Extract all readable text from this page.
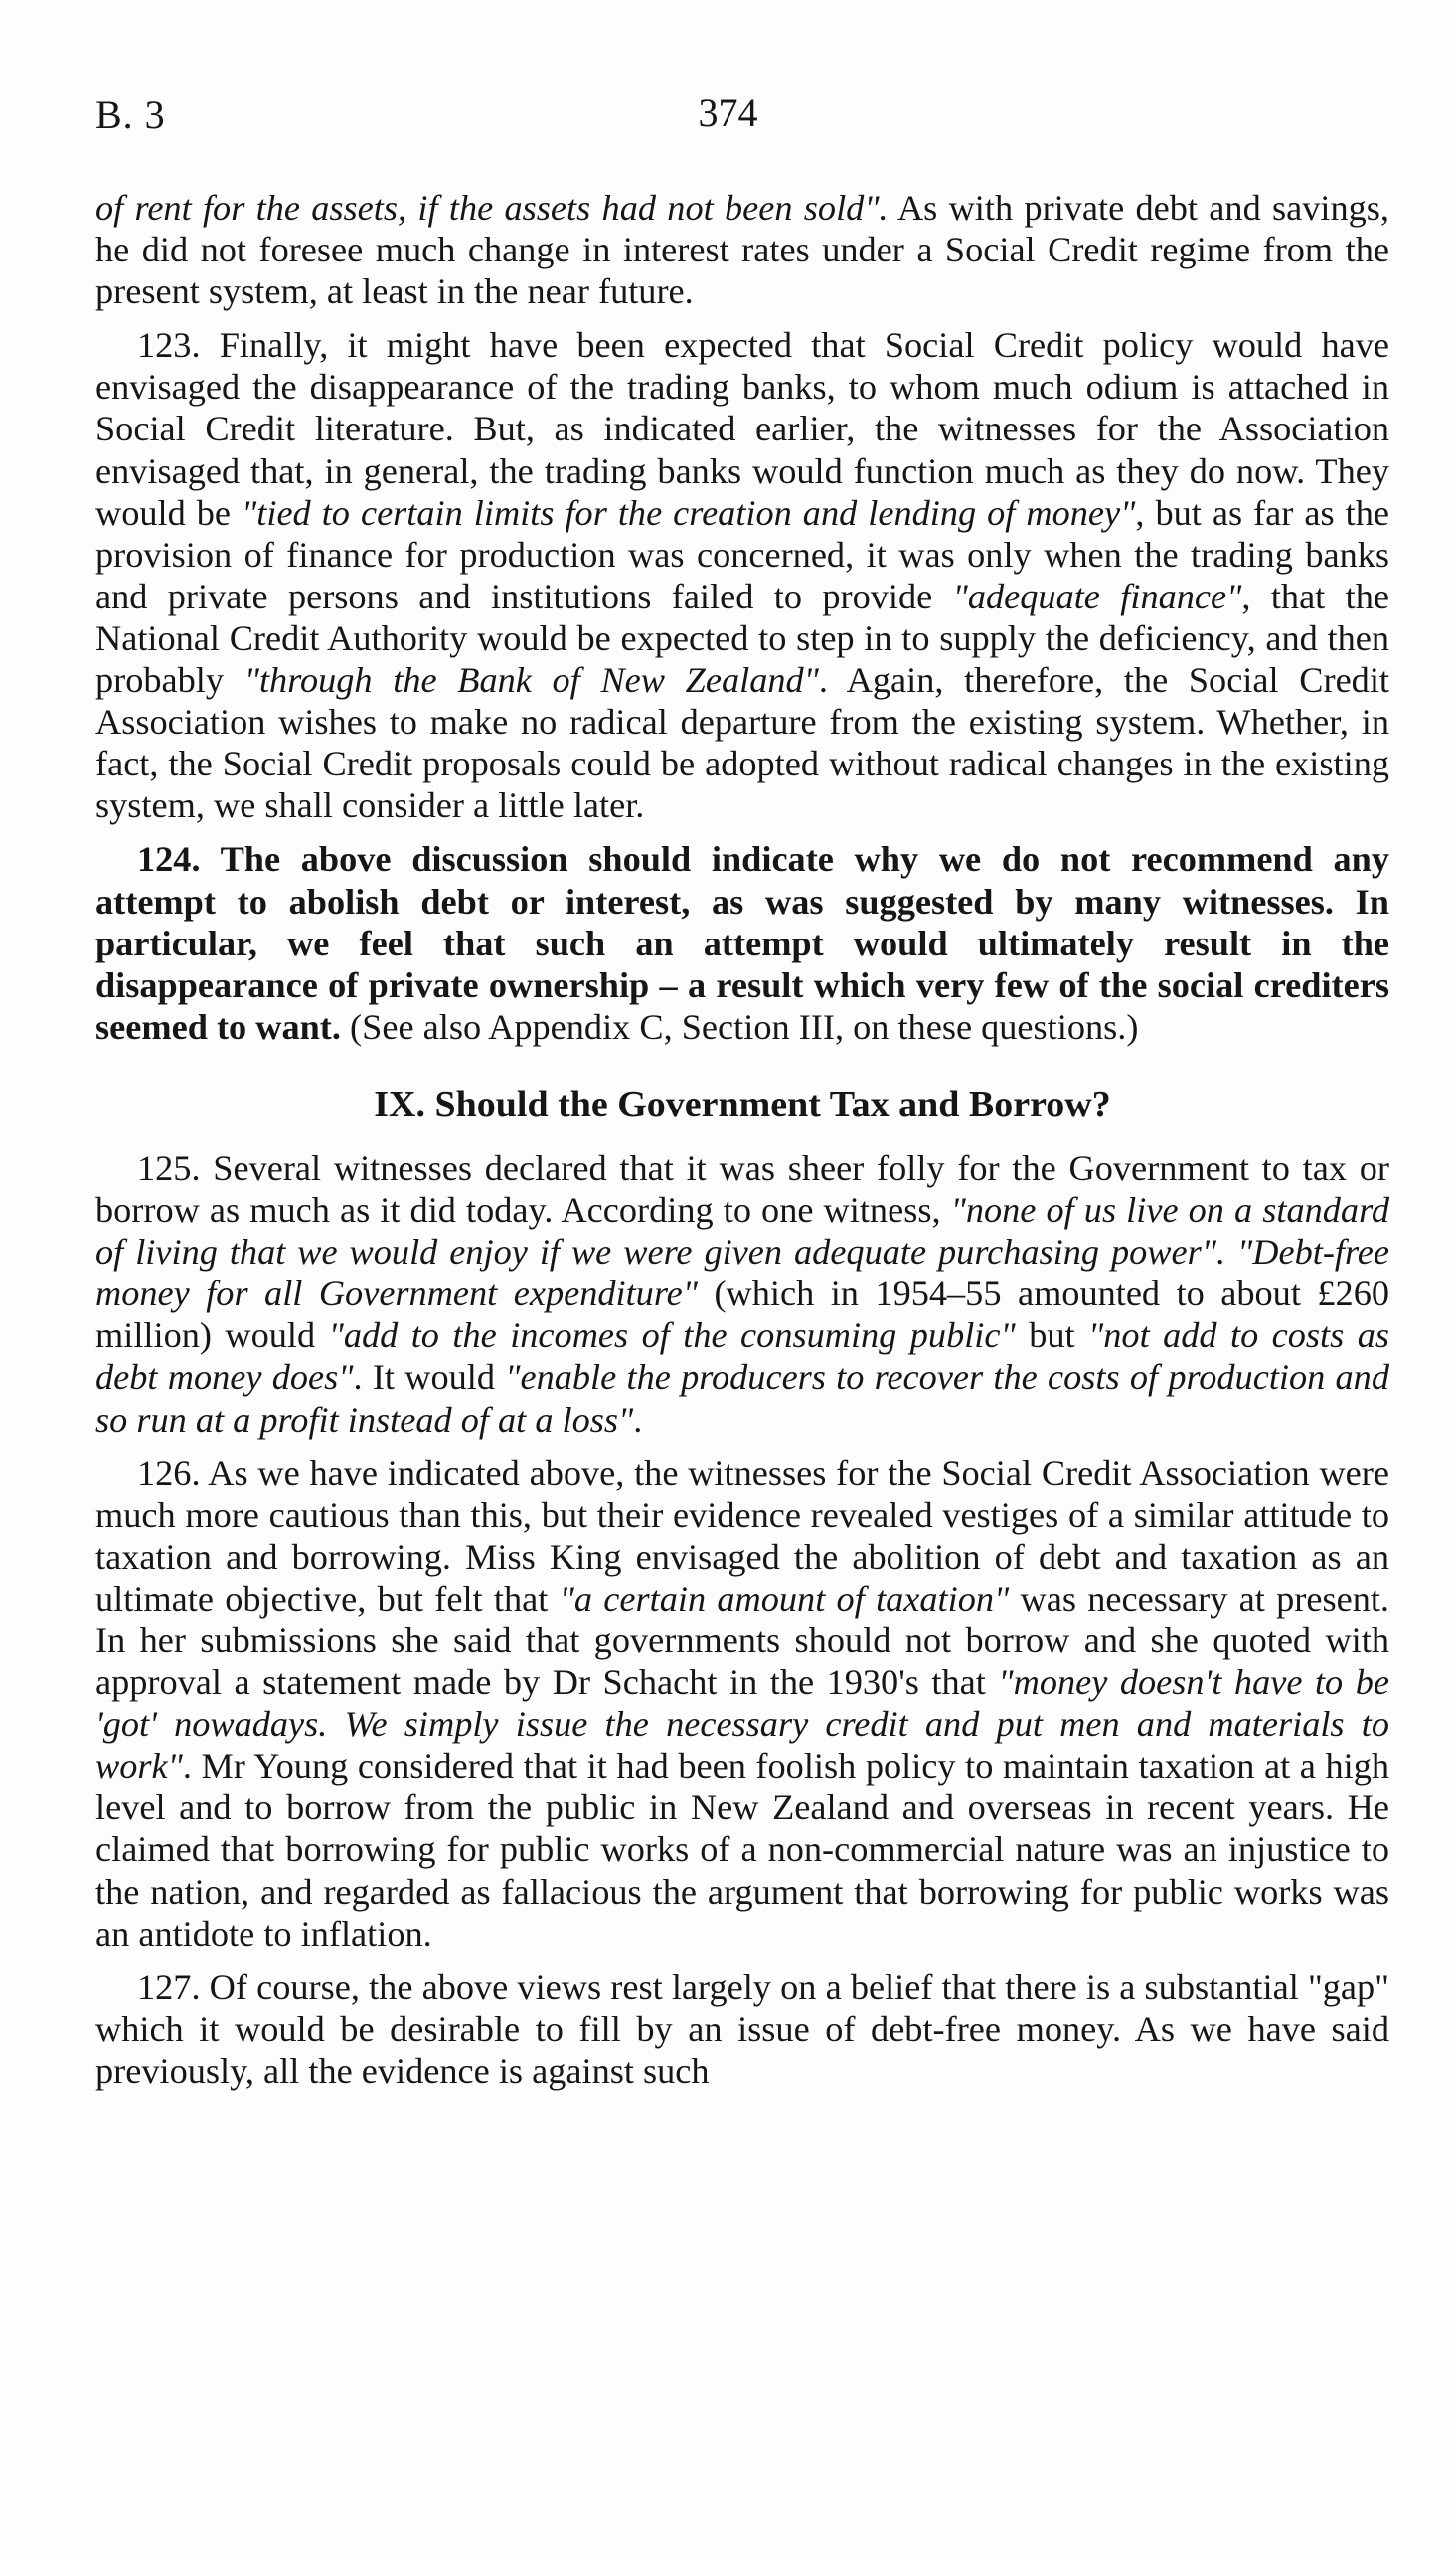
B. 3	374

of rent for the assets, if the assets had not been sold". As with private debt and savings, he did not foresee much change in interest rates under a Social Credit regime from the present system, at least in the near future.

123. Finally, it might have been expected that Social Credit policy would have envisaged the disappearance of the trading banks, to whom much odium is attached in Social Credit literature. But, as indicated earlier, the witnesses for the Association envisaged that, in general, the trading banks would function much as they do now. They would be "tied to certain limits for the creation and lending of money", but as far as the provision of finance for production was concerned, it was only when the trading banks and private persons and institutions failed to provide "adequate finance", that the National Credit Authority would be expected to step in to supply the deficiency, and then probably "through the Bank of New Zealand". Again, therefore, the Social Credit Association wishes to make no radical departure from the existing system. Whether, in fact, the Social Credit proposals could be adopted without radical changes in the existing system, we shall consider a little later.

124. The above discussion should indicate why we do not recommend any attempt to abolish debt or interest, as was suggested by many witnesses. In particular, we feel that such an attempt would ultimately result in the disappearance of private ownership – a result which very few of the social crediters seemed to want. (See also Appendix C, Section III, on these questions.)

IX. Should the Government Tax and Borrow?

125. Several witnesses declared that it was sheer folly for the Government to tax or borrow as much as it did today. According to one witness, "none of us live on a standard of living that we would enjoy if we were given adequate purchasing power". "Debt-free money for all Government expenditure" (which in 1954–55 amounted to about £260 million) would "add to the incomes of the consuming public" but "not add to costs as debt money does". It would "enable the producers to recover the costs of production and so run at a profit instead of at a loss".

126. As we have indicated above, the witnesses for the Social Credit Association were much more cautious than this, but their evidence revealed vestiges of a similar attitude to taxation and borrowing. Miss King envisaged the abolition of debt and taxation as an ultimate objective, but felt that "a certain amount of taxation" was necessary at present. In her submissions she said that governments should not borrow and she quoted with approval a statement made by Dr Schacht in the 1930's that "money doesn't have to be 'got' nowadays. We simply issue the necessary credit and put men and materials to work". Mr Young considered that it had been foolish policy to maintain taxation at a high level and to borrow from the public in New Zealand and overseas in recent years. He claimed that borrowing for public works of a non-commercial nature was an injustice to the nation, and regarded as fallacious the argument that borrowing for public works was an antidote to inflation.

127. Of course, the above views rest largely on a belief that there is a substantial "gap" which it would be desirable to fill by an issue of debt-free money. As we have said previously, all the evidence is against such
